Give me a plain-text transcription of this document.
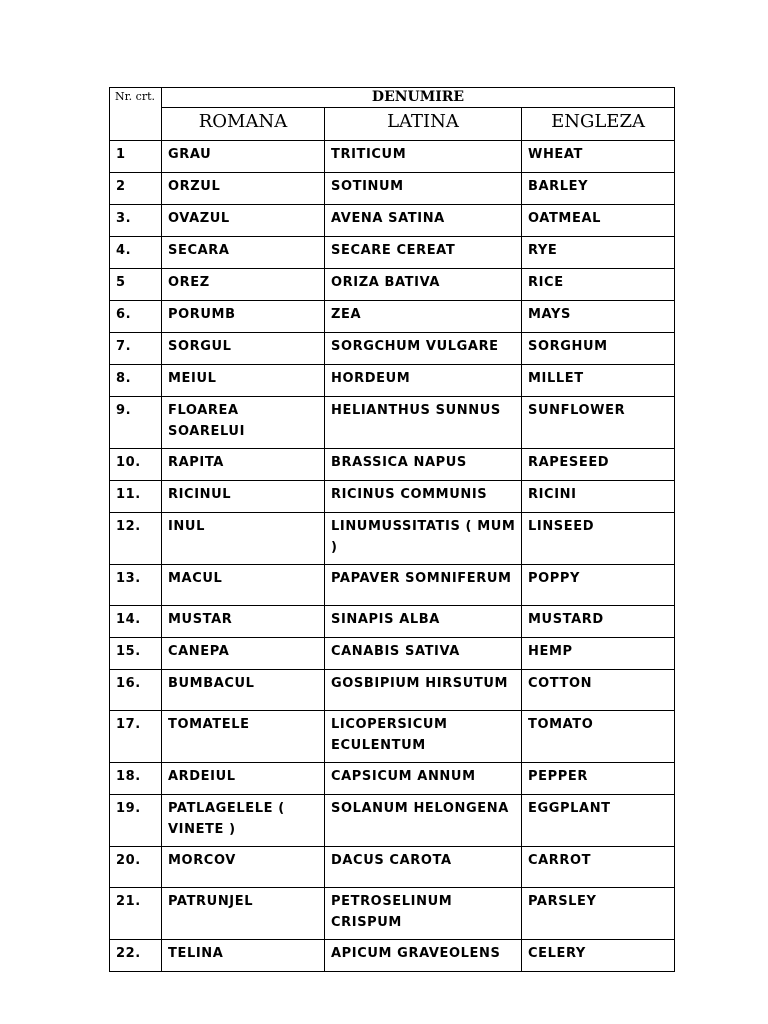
Nr. crt.	DENUMIRE		
	ROMANA	LATINA	ENGLEZA
1	GRAU	TRITICUM	WHEAT
2	ORZUL	SOTINUM	BARLEY
3.	OVAZUL	AVENA SATINA	OATMEAL
4.	SECARA	SECARE CEREAT	RYE
5	OREZ	ORIZA BATIVA	RICE
6.	PORUMB	ZEA	MAYS
7.	SORGUL	SORGCHUM VULGARE	SORGHUM
8.	MEIUL	HORDEUM	MILLET
9.	FLOAREA SOARELUI	HELIANTHUS SUNNUS	SUNFLOWER
10.	RAPITA	BRASSICA NAPUS	RAPESEED
11.	RICINUL	RICINUS COMMUNIS	RICINI
12.	INUL	LINUMUSSITATIS ( MUM )	LINSEED
13.	MACUL	PAPAVER SOMNIFERUM	POPPY
14.	MUSTAR	SINAPIS ALBA	MUSTARD
15.	CANEPA	CANABIS SATIVA	HEMP
16.	BUMBACUL	GOSBIPIUM HIRSUTUM	COTTON
17.	TOMATELE	LICOPERSICUM ECULENTUM	TOMATO
18.	ARDEIUL	CAPSICUM ANNUM	PEPPER
19.	PATLAGELELE ( VINETE )	SOLANUM HELONGENA	EGGPLANT
20.	MORCOV	DACUS CAROTA	CARROT
21.	PATRUNJEL	PETROSELINUM CRISPUM	PARSLEY
22.	TELINA	APICUM GRAVEOLENS	CELERY
